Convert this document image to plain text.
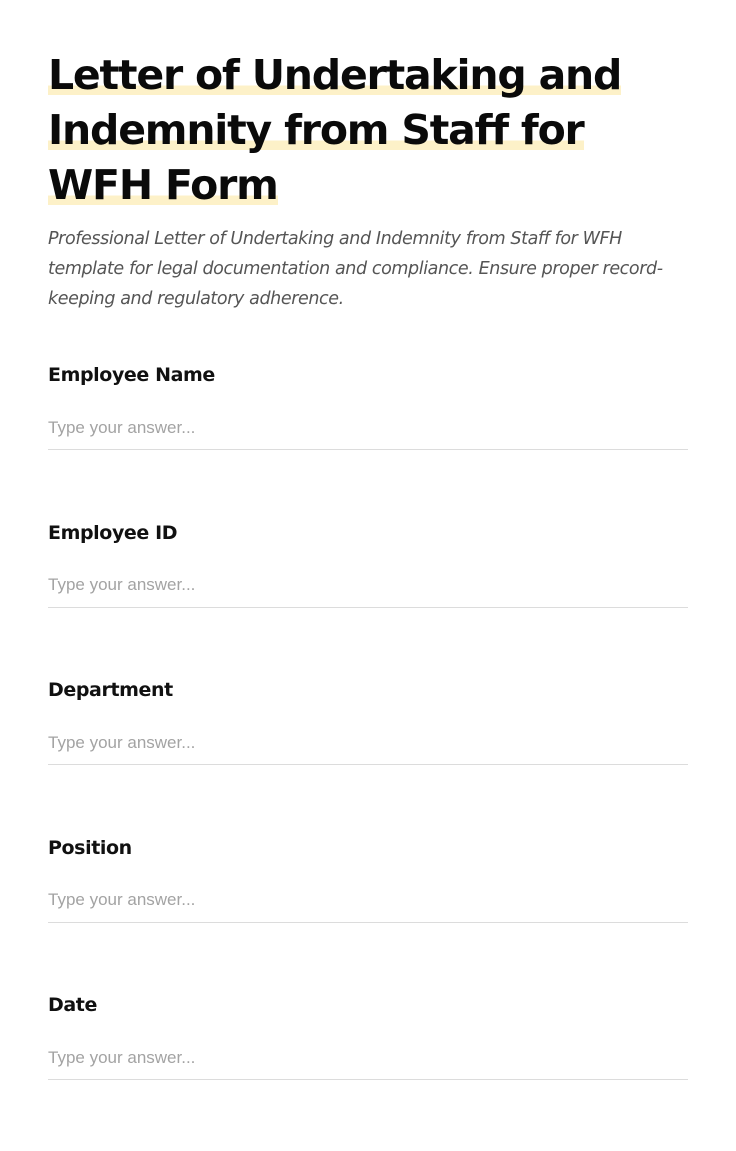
Letter of Undertaking and Indemnity from Staff for WFH Form

Professional Letter of Undertaking and Indemnity from Staff for WFH template for legal documentation and compliance. Ensure proper record-keeping and regulatory adherence.

Employee Name
Type your answer...
Employee ID
Type your answer...
Department
Type your answer...
Position
Type your answer...
Date
Type your answer...
